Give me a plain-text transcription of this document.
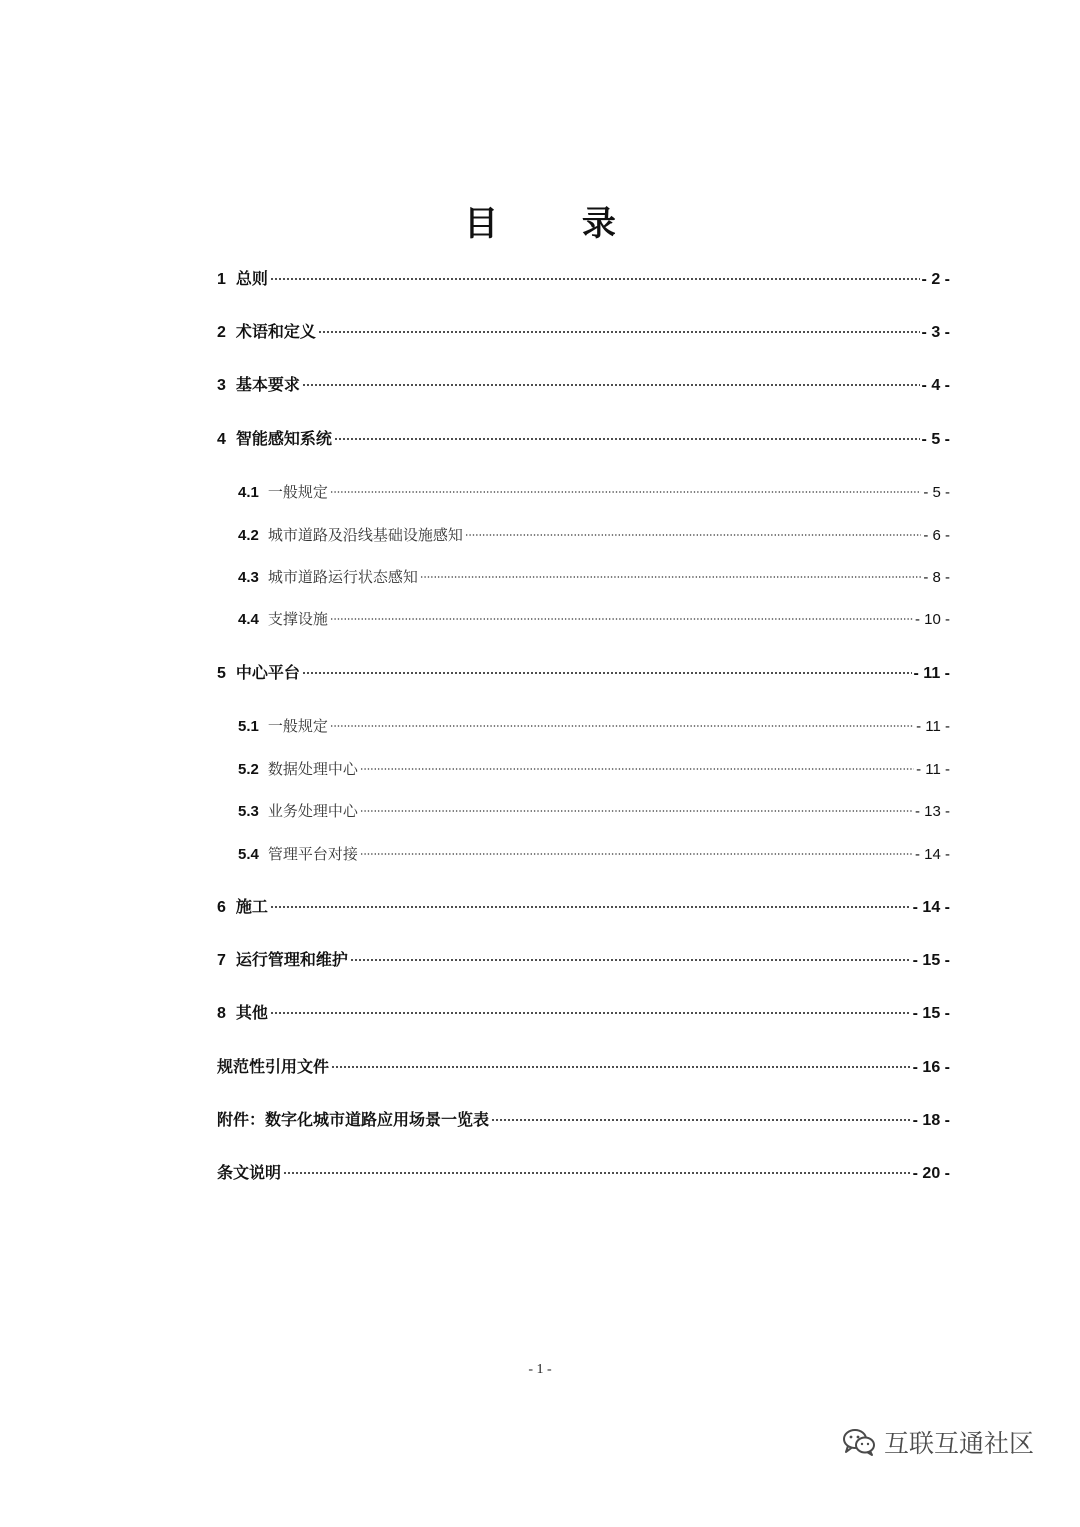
目 录
1 总则	- 2 -
2 术语和定义	- 3 -
3 基本要求	- 4 -
4 智能感知系统	- 5 -
4.1 一般规定	- 5 -
4.2 城市道路及沿线基础设施感知	- 6 -
4.3 城市道路运行状态感知	- 8 -
4.4 支撑设施	- 10 -
5 中心平台	- 11 -
5.1 一般规定	- 11 -
5.2 数据处理中心	- 11 -
5.3 业务处理中心	- 13 -
5.4 管理平台对接	- 14 -
6 施工	- 14 -
7 运行管理和维护	- 15 -
8 其他	- 15 -
规范性引用文件	- 16 -
附件：数字化城市道路应用场景一览表	- 18 -
条文说明	- 20 -
- 1 -
互联互通社区
